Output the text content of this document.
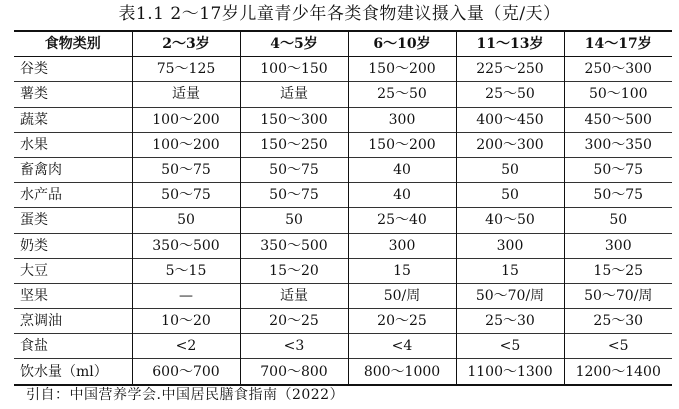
表1.1 2～17岁儿童青少年各类食物建议摄入量（克/天）
食物类别	2～3岁	4～5岁	6～10岁	11～13岁	14～17岁
谷类	75～125	100～150	150～200	225～250	250～300
薯类	适量	适量	25～50	25～50	50～100
蔬菜	100～200	150～300	300	400～450	450～500
水果	100～200	150～250	150～200	200～300	300～350
畜禽肉	50～75	50～75	40	50	50～75
水产品	50～75	50～75	40	50	50～75
蛋类	50	50	25～40	40～50	50
奶类	350～500	350～500	300	300	300
大豆	5～15	15～20	15	15	15～25
坚果	—	适量	50/周	50～70/周	50～70/周
烹调油	10～20	20～25	20～25	25～30	25～30
食盐	<2	<3	<4	<5	<5
饮水量（ml）	600～700	700～800	800～1000	1100～1300	1200～1400
引自：中国营养学会.中国居民膳食指南（2022）
